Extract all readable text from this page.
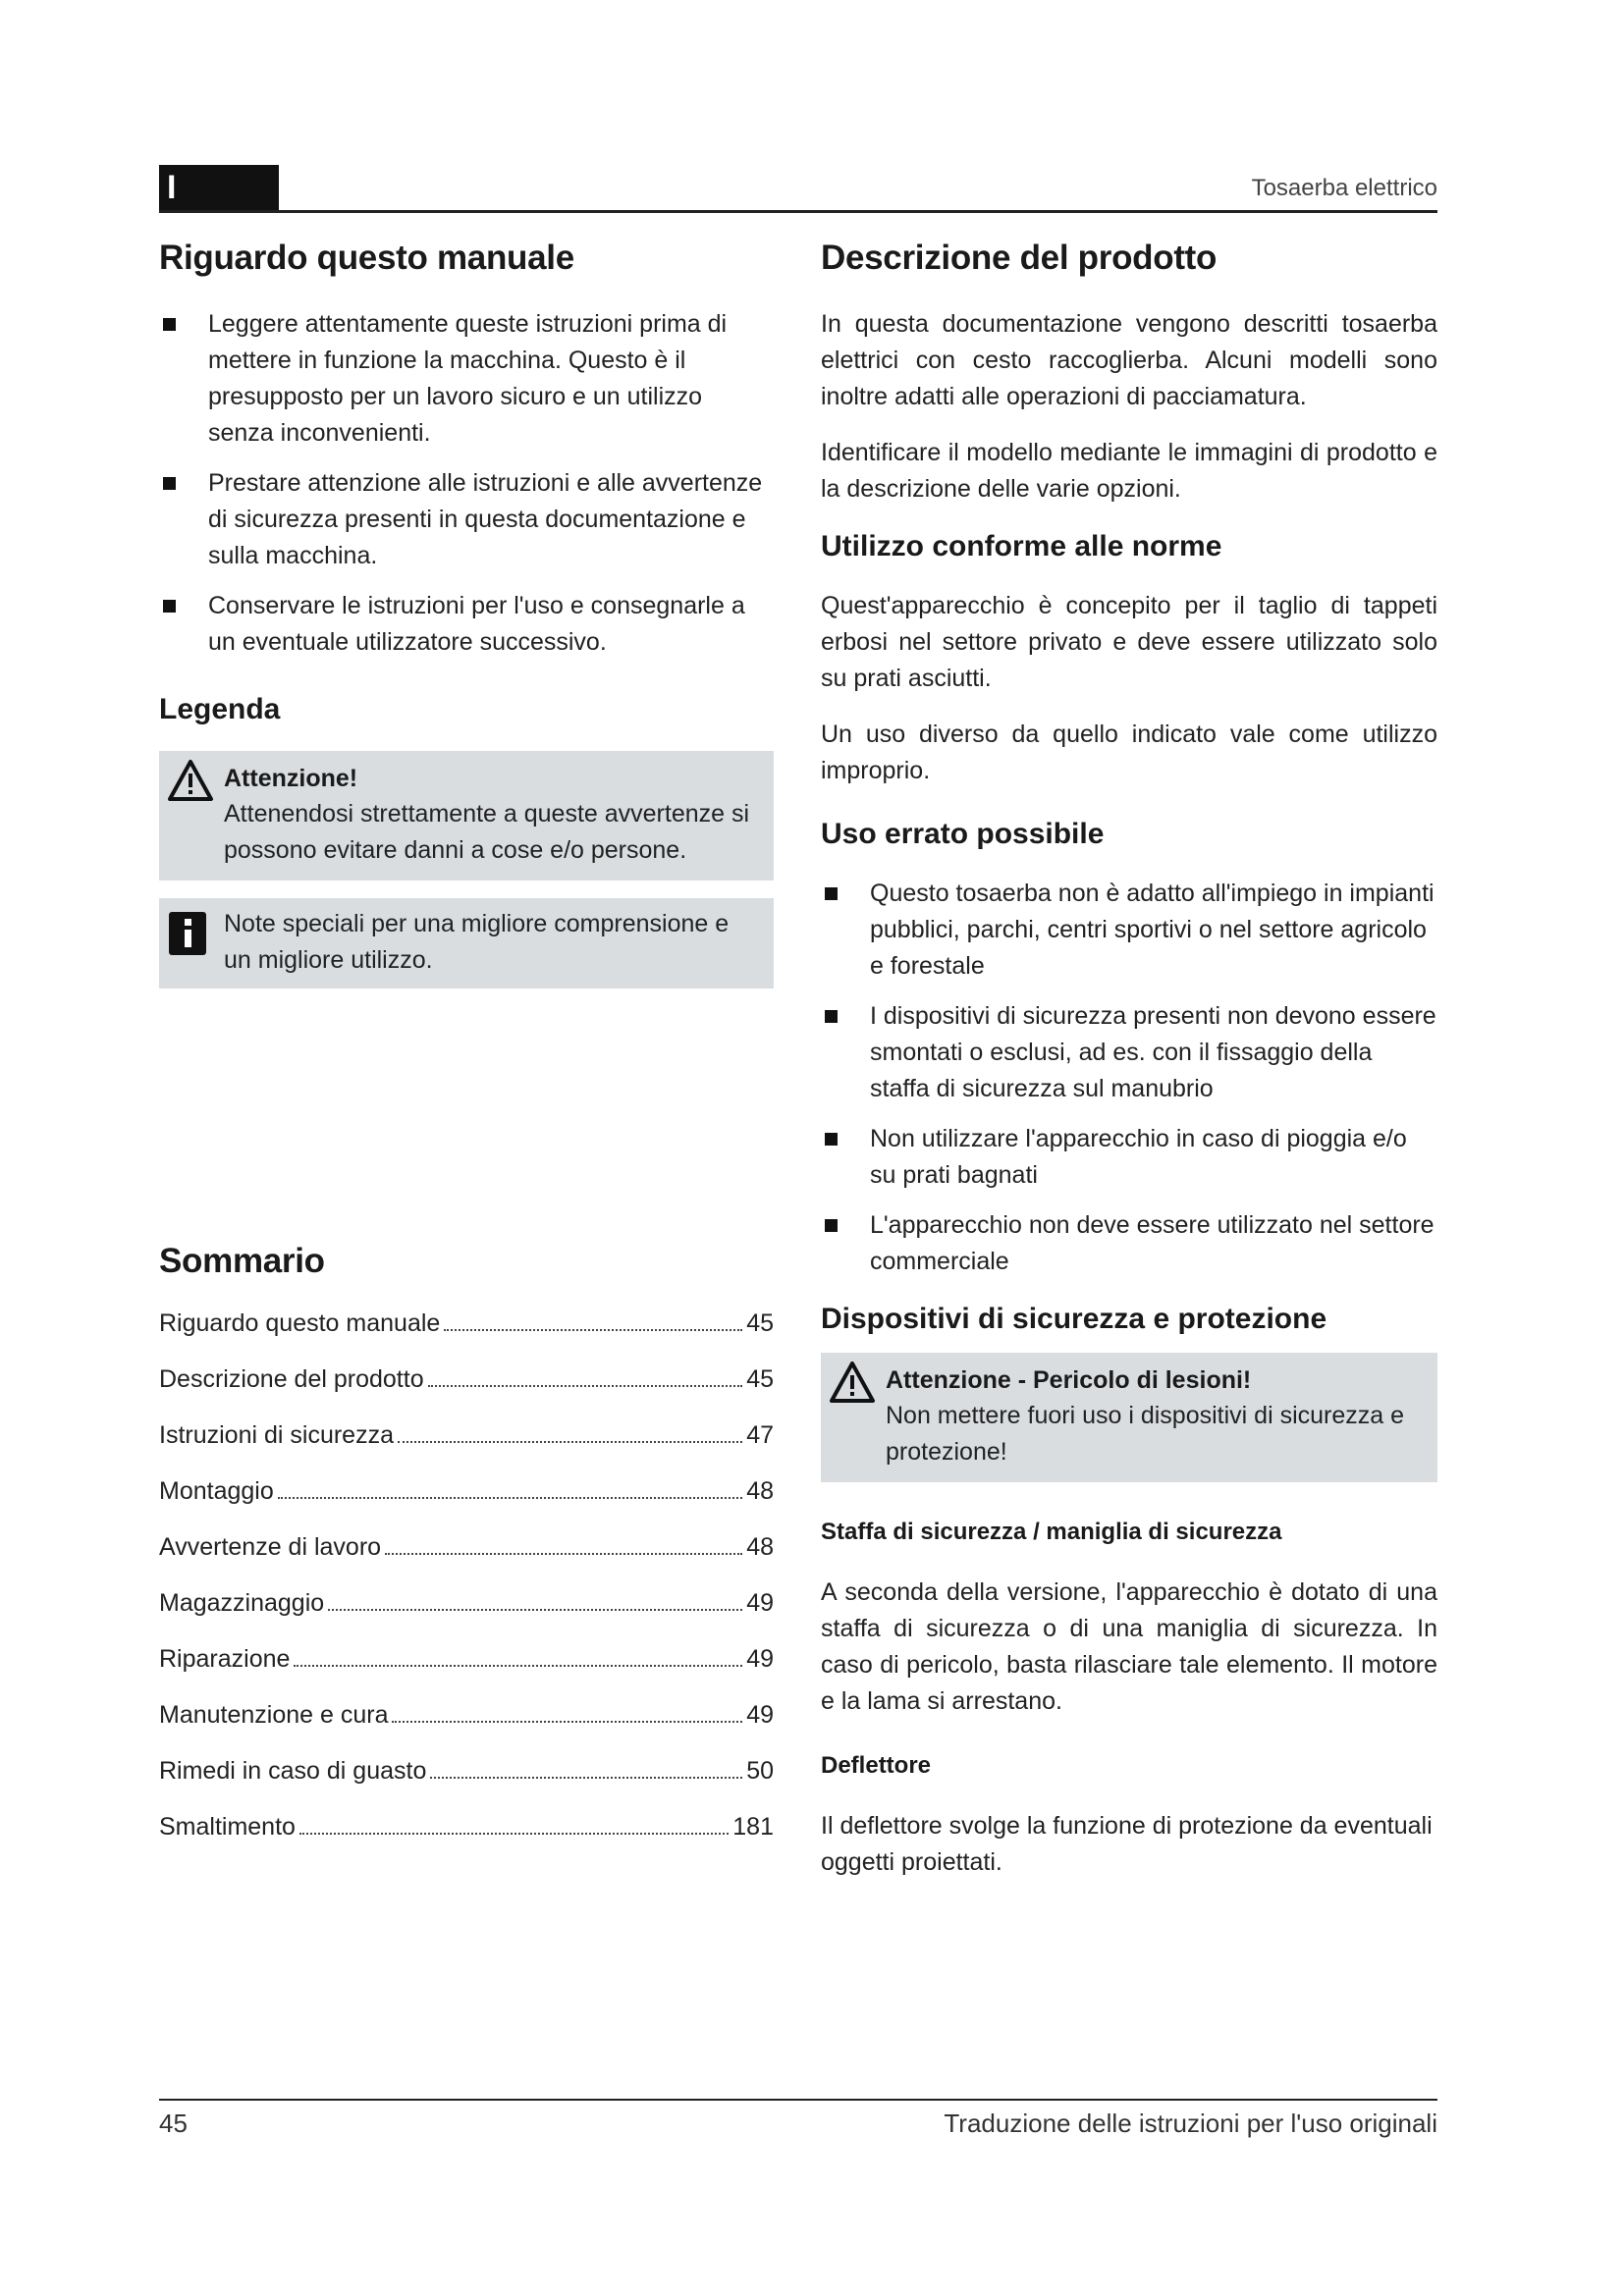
I	Tosaerba elettrico
Riguardo questo manuale
Leggere attentamente queste istruzioni prima di mettere in funzione la macchina. Questo è il presupposto per un lavoro sicuro e un utilizzo senza inconvenienti.
Prestare attenzione alle istruzioni e alle avvertenze di sicurezza presenti in questa documentazione e sulla macchina.
Conservare le istruzioni per l'uso e consegnarle a un eventuale utilizzatore successivo.
Legenda
Attenzione!
Attenendosi strettamente a queste avvertenze si possono evitare danni a cose e/o persone.
Note speciali per una migliore comprensione e un migliore utilizzo.
Sommario
Riguardo questo manuale	45
Descrizione del prodotto	45
Istruzioni di sicurezza	47
Montaggio	48
Avvertenze di lavoro	48
Magazzinaggio	49
Riparazione	49
Manutenzione e cura	49
Rimedi in caso di guasto	50
Smaltimento	181
Descrizione del prodotto

In questa documentazione vengono descritti tosaerba elettrici con cesto raccoglierba. Alcuni modelli sono inoltre adatti alle operazioni di pacciamatura.

Identificare il modello mediante le immagini di prodotto e la descrizione delle varie opzioni.

Utilizzo conforme alle norme

Quest'apparecchio è concepito per il taglio di tappeti erbosi nel settore privato e deve essere utilizzato solo su prati asciutti.

Un uso diverso da quello indicato vale come utilizzo improprio.

Uso errato possibile
Questo tosaerba non è adatto all'impiego in impianti pubblici, parchi, centri sportivi o nel settore agricolo e forestale
I dispositivi di sicurezza presenti non devono essere smontati o esclusi, ad es. con il fissaggio della staffa di sicurezza sul manubrio
Non utilizzare l'apparecchio in caso di pioggia e/o su prati bagnati
L'apparecchio non deve essere utilizzato nel settore commerciale
Dispositivi di sicurezza e protezione
Attenzione - Pericolo di lesioni!
Non mettere fuori uso i dispositivi di sicurezza e protezione!
Staffa di sicurezza / maniglia di sicurezza

A seconda della versione, l'apparecchio è dotato di una staffa di sicurezza o di una maniglia di sicurezza. In caso di pericolo, basta rilasciare tale elemento. Il motore e la lama si arrestano.

Deflettore

Il deflettore svolge la funzione di protezione da eventuali oggetti proiettati.

45	Traduzione delle istruzioni per l'uso originali
